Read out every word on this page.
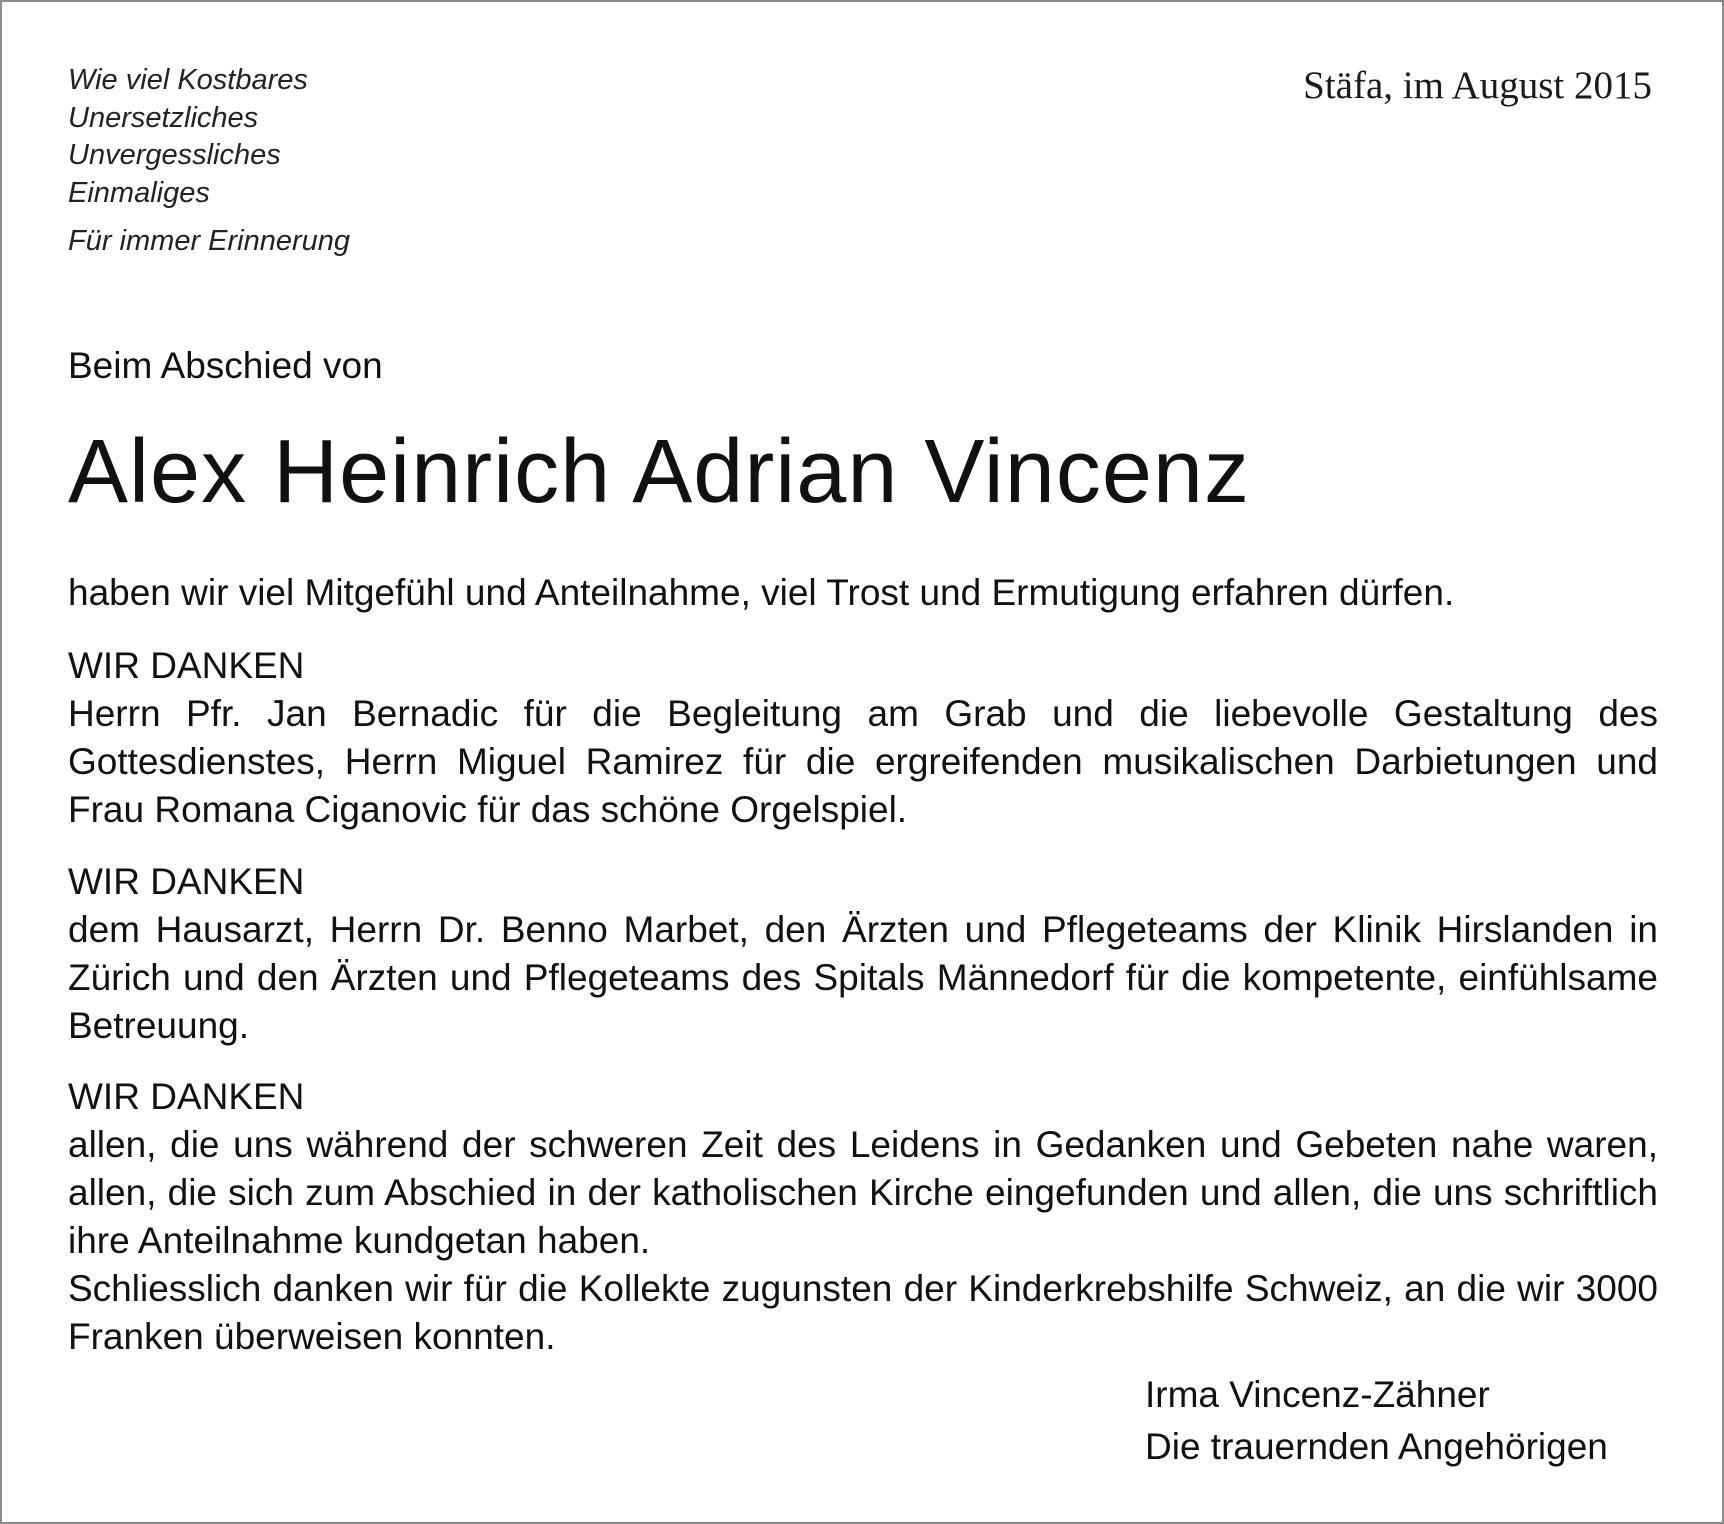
Wie viel Kostbares
Unersetzliches
Unvergessliches
Einmaliges
Für immer Erinnerung
Stäfa, im August 2015
Beim Abschied von
Alex Heinrich Adrian Vincenz
haben wir viel Mitgefühl und Anteilnahme, viel Trost und Ermutigung erfahren dürfen.
WIR DANKEN
Herrn Pfr. Jan Bernadic für die Begleitung am Grab und die liebevolle Gestaltung des Gottesdienstes, Herrn Miguel Ramirez für die ergreifenden musikalischen Darbietungen und Frau Romana Ciganovic für das schöne Orgelspiel.
WIR DANKEN
dem Hausarzt, Herrn Dr. Benno Marbet, den Ärzten und Pflegeteams der Klinik Hirslanden in Zürich und den Ärzten und Pflegeteams des Spitals Männedorf für die kompetente, einfühlsame Betreuung.
WIR DANKEN
allen, die uns während der schweren Zeit des Leidens in Gedanken und Gebeten nahe waren, allen, die sich zum Abschied in der katholischen Kirche eingefunden und allen, die uns schriftlich ihre Anteilnahme kundgetan haben.
Schliesslich danken wir für die Kollekte zugunsten der Kinderkrebshilfe Schweiz, an die wir 3000 Franken überweisen konnten.
Irma Vincenz-Zähner
Die trauernden Angehörigen
